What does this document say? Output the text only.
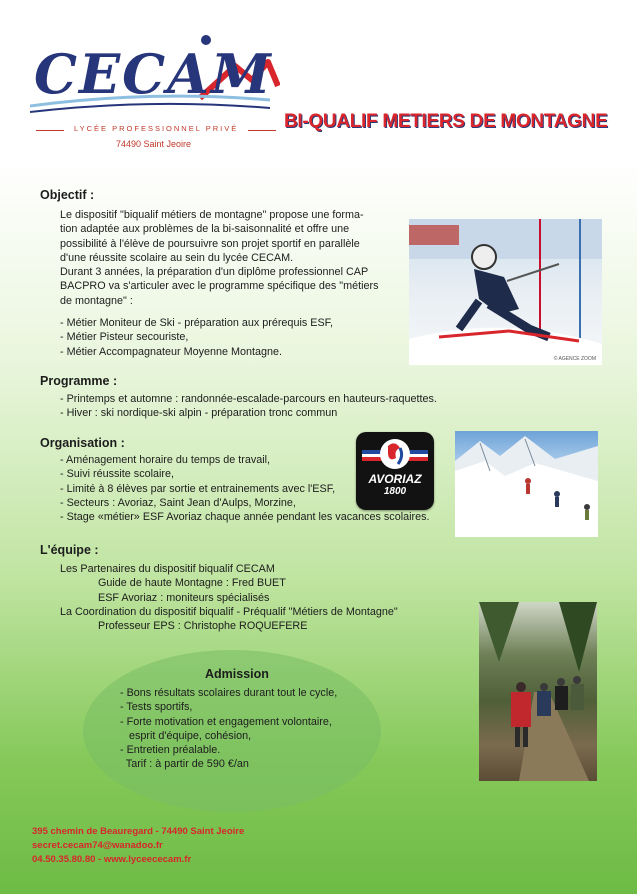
CECAM
LYCÉE PROFESSIONNEL PRIVÉ
74490 Saint Jeoire
BI-QUALIF METIERS DE MONTAGNE
Objectif :
Le dispositif "biqualif métiers de montagne" propose une forma-
tion adaptée aux problèmes de la bi-saisonnalité et offre une
possibilité à l'élève de poursuivre son projet sportif en parallèle
d'une réussite scolaire au sein du lycée CECAM.
Durant 3 années, la préparation d'un diplôme professionnel CAP
BACPRO va s'articuler avec le programme spécifique des "métiers
de montagne" :
- Métier Moniteur de Ski - préparation aux prérequis ESF,
- Métier Pisteur secouriste,
- Métier Accompagnateur Moyenne Montagne.
© AGENCE ZOOM
Programme :
- Printemps et automne : randonnée-escalade-parcours en hauteurs-raquettes.
- Hiver : ski nordique-ski alpin - préparation tronc commun
Organisation :
- Aménagement horaire du temps de travail,
- Suivi réussite scolaire,
- Limité à 8 élèves par sortie et entrainements avec l'ESF,
- Secteurs : Avoriaz, Saint Jean d'Aulps, Morzine,
- Stage «métier» ESF Avoriaz chaque année pendant les vacances scolaires.
AVORIAZ
1800
L'équipe :
Les Partenaires du dispositif biqualif CECAM
Guide de haute Montagne : Fred BUET
ESF Avoriaz : moniteurs spécialisés
La Coordination du dispositif biqualif - Préqualif "Métiers de Montagne"
Professeur EPS : Christophe ROQUEFERE
Admission
- Bons résultats scolaires durant tout le cycle,
- Tests sportifs,
- Forte motivation et engagement volontaire,
esprit d'équipe, cohésion,
- Entretien préalable.
Tarif : à partir de 590 €/an
395 chemin de Beauregard - 74490 Saint Jeoire
secret.cecam74@wanadoo.fr
04.50.35.80.80 - www.lyceececam.fr
